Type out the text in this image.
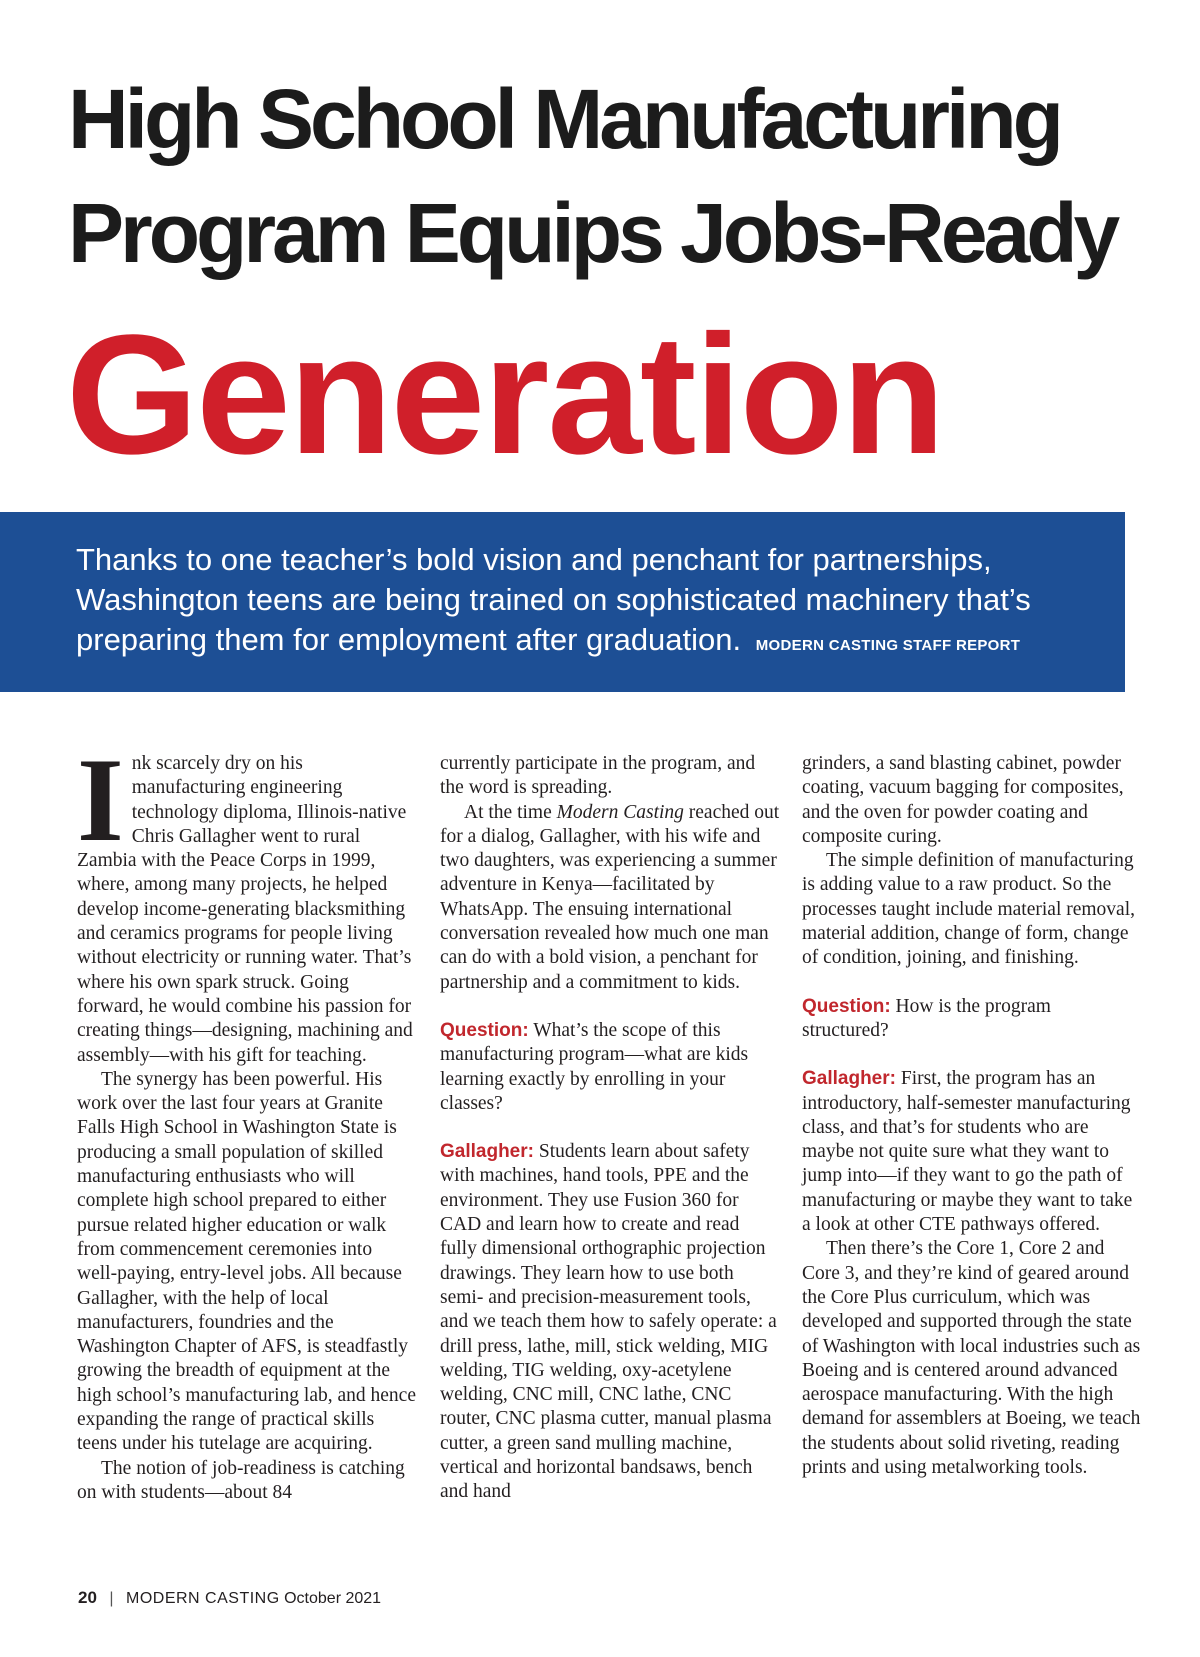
High School Manufacturing
Program Equips Jobs-Ready
Generation
Thanks to one teacher’s bold vision and penchant for partnerships, Washington teens are being trained on sophisticated machinery that’s preparing them for employment after graduation. MODERN CASTING STAFF REPORT

Ink scarcely dry on his manufacturing engineering technology diploma, Illinois-native Chris Gallagher went to rural Zambia with the Peace Corps in 1999, where, among many projects, he helped develop income-generating blacksmithing and ceramics programs for people living without electricity or running water. That’s where his own spark struck. Going forward, he would combine his passion for creating things—designing, machining and assembly—with his gift for teaching.

The synergy has been powerful. His work over the last four years at Granite Falls High School in Washington State is producing a small population of skilled manufacturing enthusiasts who will complete high school prepared to either pursue related higher education or walk from commencement ceremonies into well-paying, entry-level jobs. All because Gallagher, with the help of local manufacturers, foundries and the Washington Chapter of AFS, is steadfastly growing the breadth of equipment at the high school’s manufacturing lab, and hence expanding the range of practical skills teens under his tutelage are acquiring.

The notion of job-readiness is catching on with students—about 84

currently participate in the program, and the word is spreading.

At the time Modern Casting reached out for a dialog, Gallagher, with his wife and two daughters, was experiencing a summer adventure in Kenya—facilitated by WhatsApp. The ensuing international conversation revealed how much one man can do with a bold vision, a penchant for partnership and a commitment to kids.

Question: What’s the scope of this manufacturing program—what are kids learning exactly by enrolling in your classes?

Gallagher: Students learn about safety with machines, hand tools, PPE and the environment. They use Fusion 360 for CAD and learn how to create and read fully dimensional orthographic projection drawings. They learn how to use both semi- and precision-measurement tools, and we teach them how to safely operate: a drill press, lathe, mill, stick welding, MIG welding, TIG welding, oxy-acetylene welding, CNC mill, CNC lathe, CNC router, CNC plasma cutter, manual plasma cutter, a green sand mulling machine, vertical and horizontal bandsaws, bench and hand

grinders, a sand blasting cabinet, powder coating, vacuum bagging for composites, and the oven for powder coating and composite curing.

The simple definition of manufacturing is adding value to a raw product. So the processes taught include material removal, material addition, change of form, change of condition, joining, and finishing.

Question: How is the program structured?

Gallagher: First, the program has an introductory, half-semester manufacturing class, and that’s for students who are maybe not quite sure what they want to jump into—if they want to go the path of manufacturing or maybe they want to take a look at other CTE pathways offered.

Then there’s the Core 1, Core 2 and Core 3, and they’re kind of geared around the Core Plus curriculum, which was developed and supported through the state of Washington with local industries such as Boeing and is centered around advanced aerospace manufacturing. With the high demand for assemblers at Boeing, we teach the students about solid riveting, reading prints and using metalworking tools.

20 | MODERN CASTING October 2021
